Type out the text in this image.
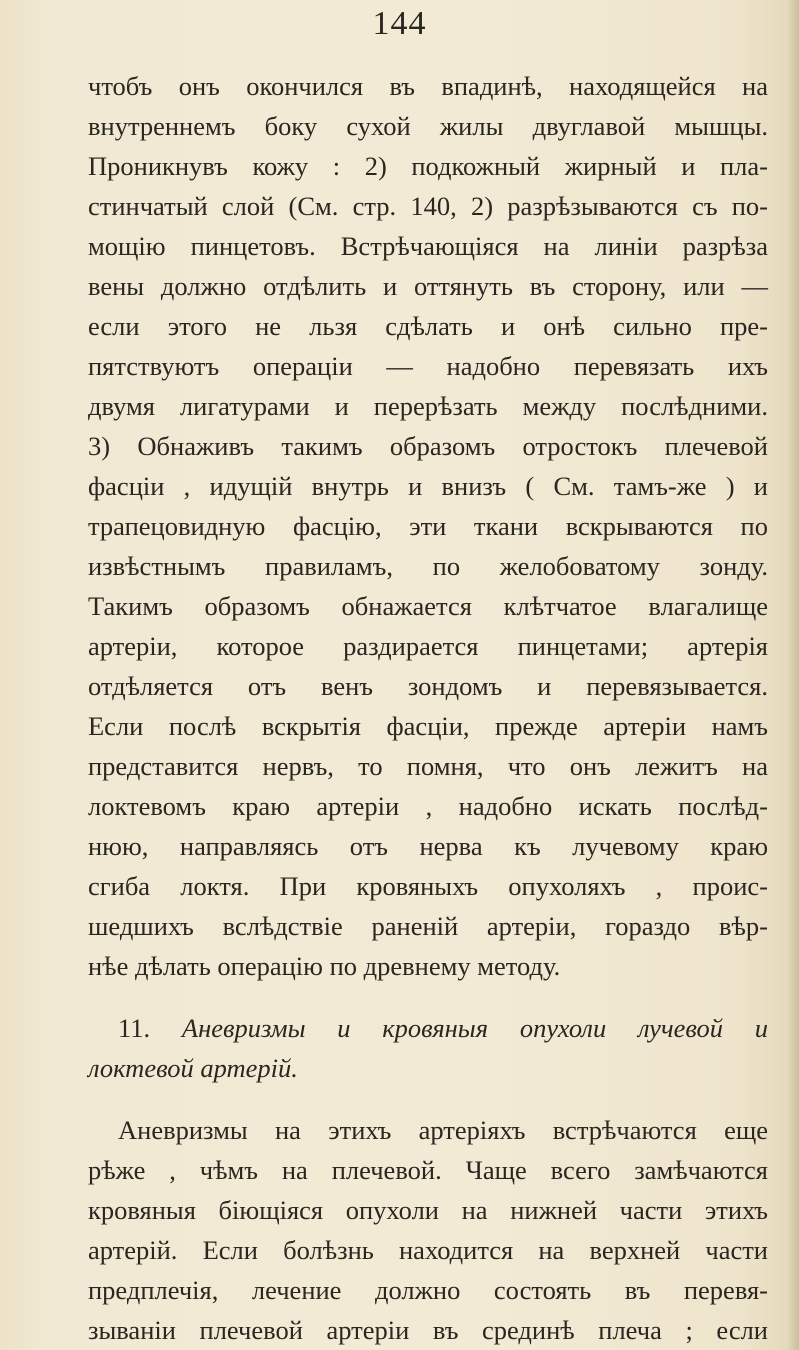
144
чтобъ онъ окончился въ впадинѣ, находящейся на
внутреннемъ боку сухой жилы двуглавой мышцы.
Проникнувъ кожу : 2) подкожный жирный и пла-
стинчатый слой (См. стр. 140, 2) разрѣзываются съ по-
мощію пинцетовъ. Встрѣчающіяся на линіи разрѣза
вены должно отдѣлить и оттянуть въ сторону, или —
если этого не льзя сдѣлать и онѣ сильно пре-
пятствуютъ операціи — надобно перевязать ихъ
двумя лигатурами и перерѣзать между послѣдними.
3) Обнаживъ такимъ образомъ отростокъ плечевой
фасціи , идущій внутрь и внизъ ( См. тамъ-же ) и
трапецовидную фасцію, эти ткани вскрываются по
извѣстнымъ правиламъ, по желобоватому зонду.
Такимъ образомъ обнажается клѣтчатое влагалище
артеріи, которое раздирается пинцетами; артерія
отдѣляется отъ венъ зондомъ и перевязывается.
Если послѣ вскрытія фасціи, прежде артеріи намъ
представится нервъ, то помня, что онъ лежитъ на
локтевомъ краю артеріи , надобно искать послѣд-
нюю, направляясь отъ нерва къ лучевому краю
сгиба локтя. При кровяныхъ опухоляхъ , проис-
шедшихъ вслѣдствіе раненій артеріи, гораздо вѣр-
нѣе дѣлать операцію по древнему методу.
11. Аневризмы и кровяныя опухоли лучевой и
локтевой артерій.
Аневризмы на этихъ артеріяхъ встрѣчаются еще
рѣже , чѣмъ на плечевой. Чаще всего замѣчаются
кровяныя біющіяся опухоли на нижней части этихъ
артерій. Если болѣзнь находится на верхней части
предплечія, лечение должно состоять въ перевя-
зываніи плечевой артеріи въ срединѣ плеча ; если
